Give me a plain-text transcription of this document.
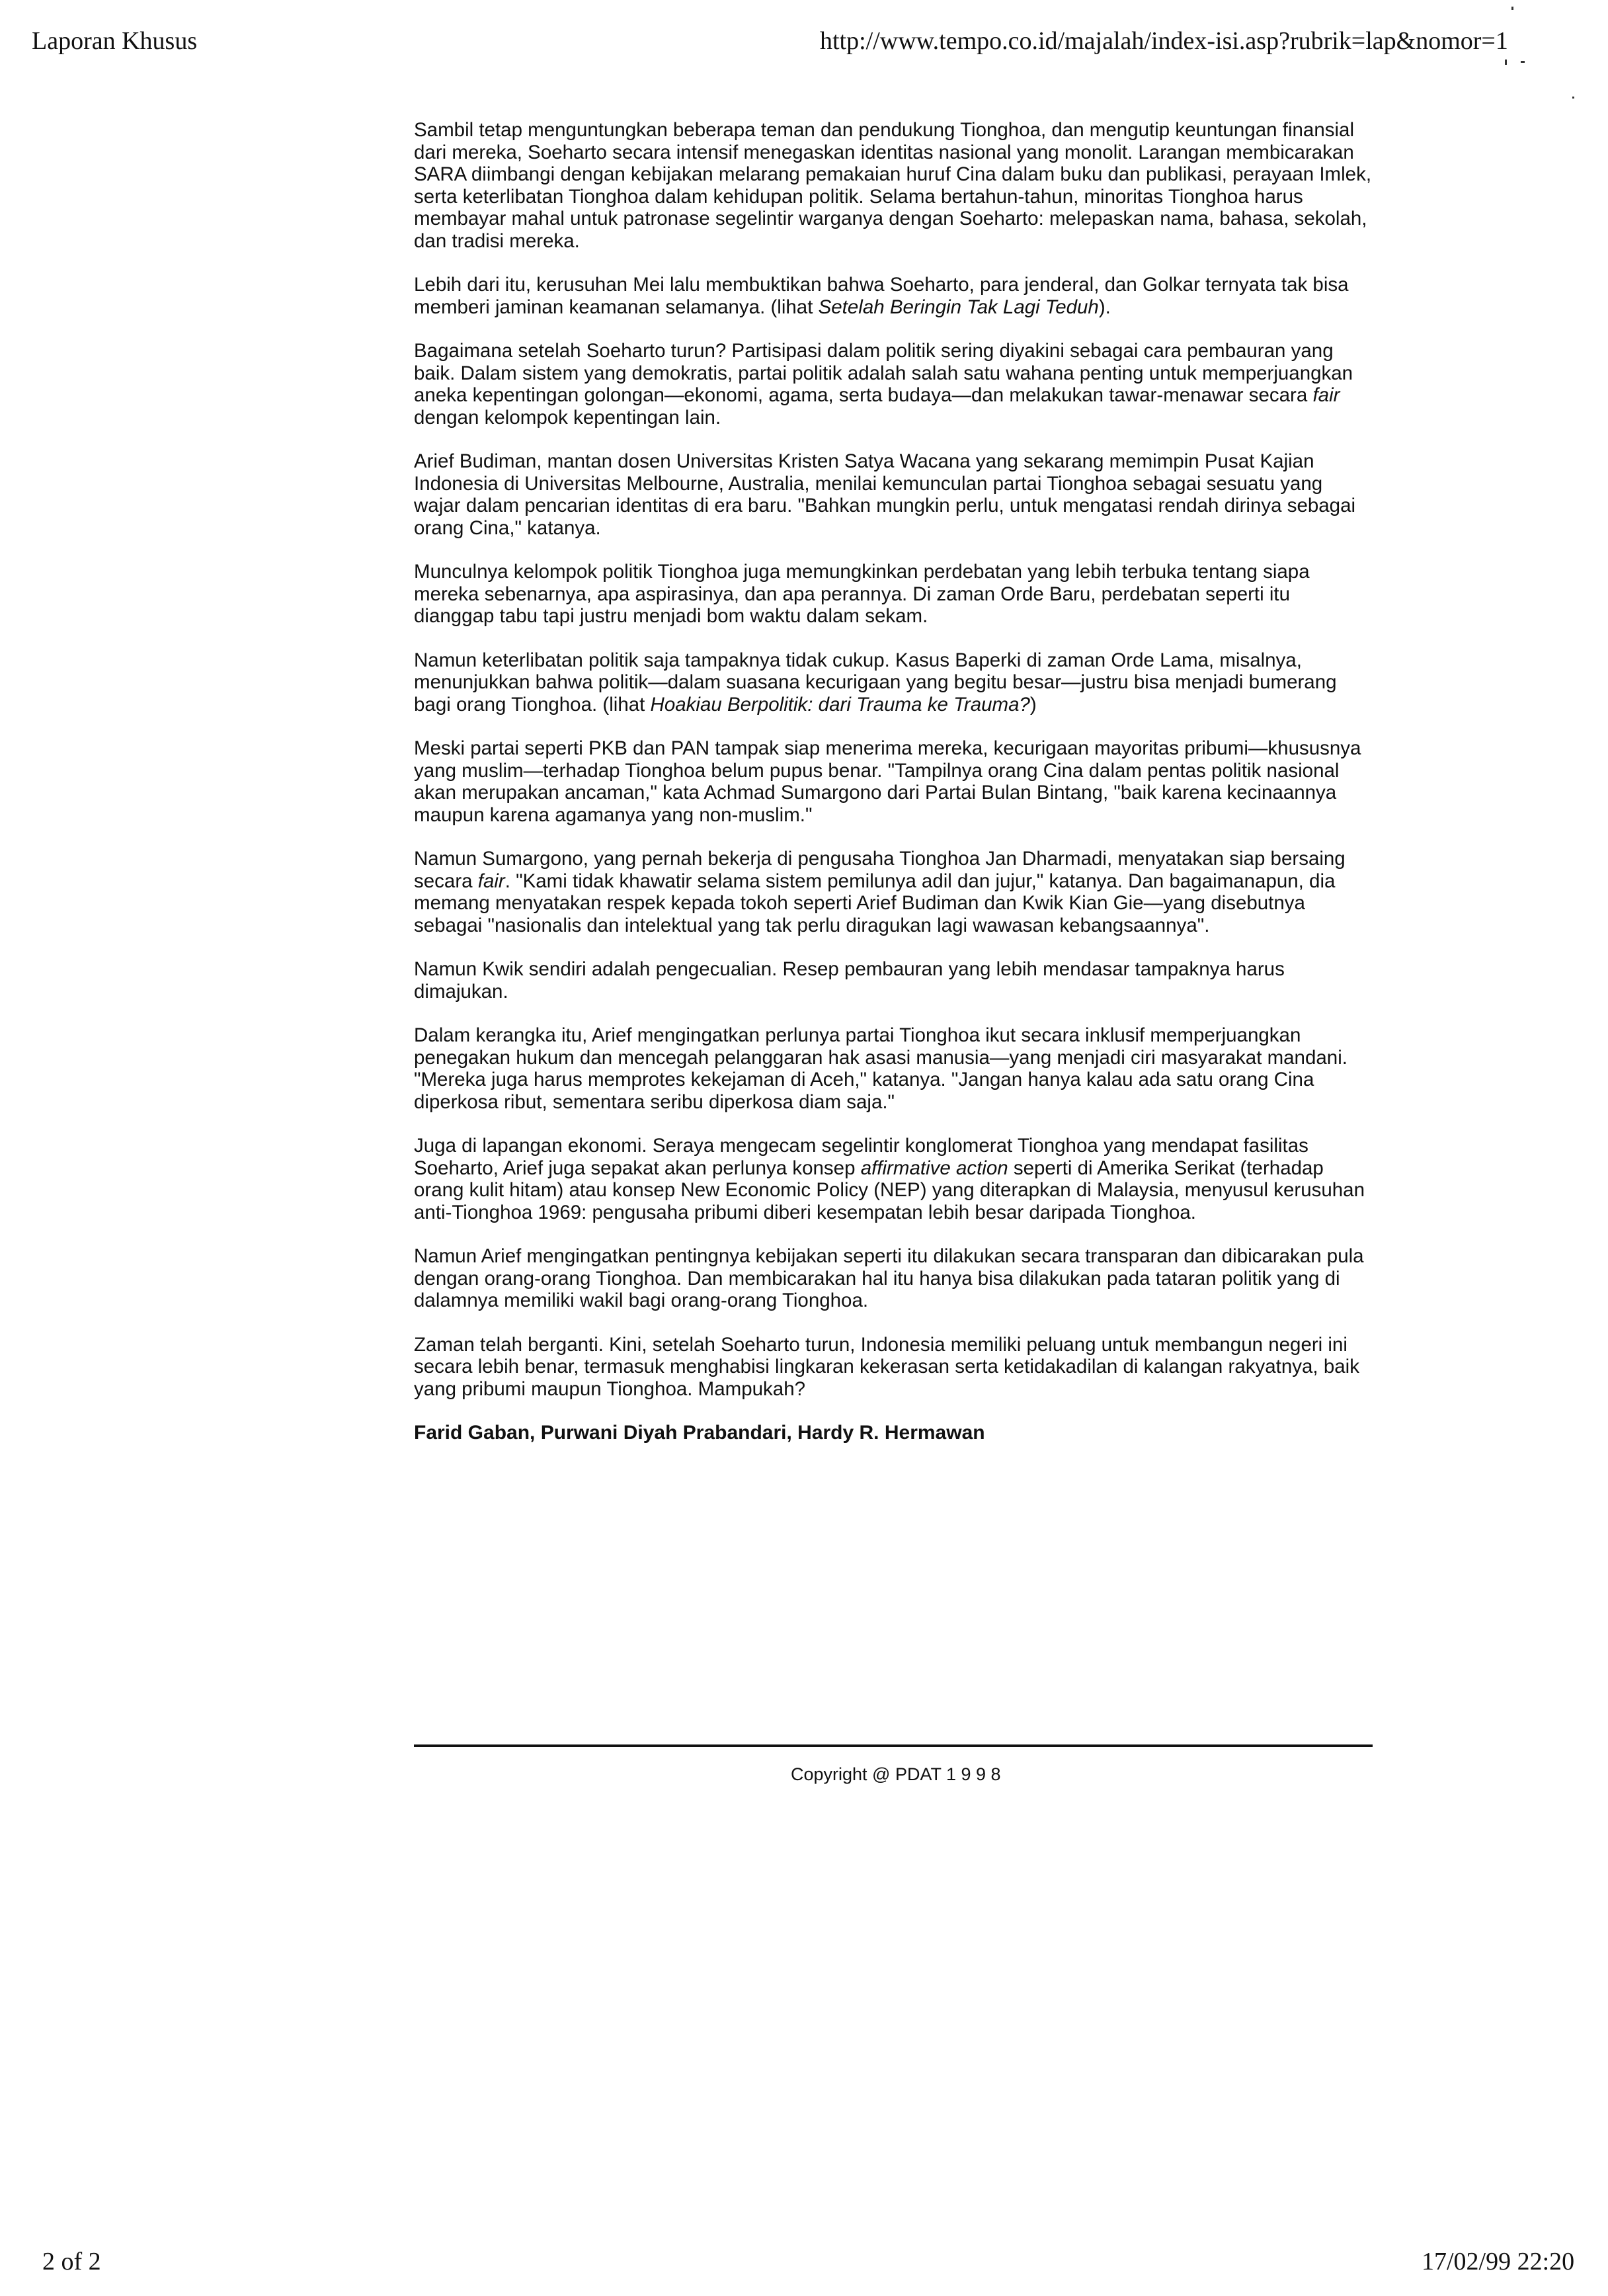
Laporan Khusus	http://www.tempo.co.id/majalah/index-isi.asp?rubrik=lap&nomor=1

Sambil tetap menguntungkan beberapa teman dan pendukung Tionghoa, dan mengutip keuntungan finansial dari mereka, Soeharto secara intensif menegaskan identitas nasional yang monolit. Larangan membicarakan SARA diimbangi dengan kebijakan melarang pemakaian huruf Cina dalam buku dan publikasi, perayaan Imlek, serta keterlibatan Tionghoa dalam kehidupan politik. Selama bertahun-tahun, minoritas Tionghoa harus membayar mahal untuk patronase segelintir warganya dengan Soeharto: melepaskan nama, bahasa, sekolah, dan tradisi mereka.

Lebih dari itu, kerusuhan Mei lalu membuktikan bahwa Soeharto, para jenderal, dan Golkar ternyata tak bisa memberi jaminan keamanan selamanya. (lihat Setelah Beringin Tak Lagi Teduh).

Bagaimana setelah Soeharto turun? Partisipasi dalam politik sering diyakini sebagai cara pembauran yang baik. Dalam sistem yang demokratis, partai politik adalah salah satu wahana penting untuk memperjuangkan aneka kepentingan golongan—ekonomi, agama, serta budaya—dan melakukan tawar-menawar secara fair dengan kelompok kepentingan lain.

Arief Budiman, mantan dosen Universitas Kristen Satya Wacana yang sekarang memimpin Pusat Kajian Indonesia di Universitas Melbourne, Australia, menilai kemunculan partai Tionghoa sebagai sesuatu yang wajar dalam pencarian identitas di era baru. "Bahkan mungkin perlu, untuk mengatasi rendah dirinya sebagai orang Cina," katanya.

Munculnya kelompok politik Tionghoa juga memungkinkan perdebatan yang lebih terbuka tentang siapa mereka sebenarnya, apa aspirasinya, dan apa perannya. Di zaman Orde Baru, perdebatan seperti itu dianggap tabu tapi justru menjadi bom waktu dalam sekam.

Namun keterlibatan politik saja tampaknya tidak cukup. Kasus Baperki di zaman Orde Lama, misalnya, menunjukkan bahwa politik—dalam suasana kecurigaan yang begitu besar—justru bisa menjadi bumerang bagi orang Tionghoa. (lihat Hoakiau Berpolitik: dari Trauma ke Trauma?)

Meski partai seperti PKB dan PAN tampak siap menerima mereka, kecurigaan mayoritas pribumi—khususnya yang muslim—terhadap Tionghoa belum pupus benar. "Tampilnya orang Cina dalam pentas politik nasional akan merupakan ancaman," kata Achmad Sumargono dari Partai Bulan Bintang, "baik karena kecinaannya maupun karena agamanya yang non-muslim."

Namun Sumargono, yang pernah bekerja di pengusaha Tionghoa Jan Dharmadi, menyatakan siap bersaing secara fair. "Kami tidak khawatir selama sistem pemilunya adil dan jujur," katanya. Dan bagaimanapun, dia memang menyatakan respek kepada tokoh seperti Arief Budiman dan Kwik Kian Gie—yang disebutnya sebagai "nasionalis dan intelektual yang tak perlu diragukan lagi wawasan kebangsaannya".

Namun Kwik sendiri adalah pengecualian. Resep pembauran yang lebih mendasar tampaknya harus dimajukan.

Dalam kerangka itu, Arief mengingatkan perlunya partai Tionghoa ikut secara inklusif memperjuangkan penegakan hukum dan mencegah pelanggaran hak asasi manusia—yang menjadi ciri masyarakat mandani. "Mereka juga harus memprotes kekejaman di Aceh," katanya. "Jangan hanya kalau ada satu orang Cina diperkosa ribut, sementara seribu diperkosa diam saja."

Juga di lapangan ekonomi. Seraya mengecam segelintir konglomerat Tionghoa yang mendapat fasilitas Soeharto, Arief juga sepakat akan perlunya konsep affirmative action seperti di Amerika Serikat (terhadap orang kulit hitam) atau konsep New Economic Policy (NEP) yang diterapkan di Malaysia, menyusul kerusuhan anti-Tionghoa 1969: pengusaha pribumi diberi kesempatan lebih besar daripada Tionghoa.

Namun Arief mengingatkan pentingnya kebijakan seperti itu dilakukan secara transparan dan dibicarakan pula dengan orang-orang Tionghoa. Dan membicarakan hal itu hanya bisa dilakukan pada tataran politik yang di dalamnya memiliki wakil bagi orang-orang Tionghoa.

Zaman telah berganti. Kini, setelah Soeharto turun, Indonesia memiliki peluang untuk membangun negeri ini secara lebih benar, termasuk menghabisi lingkaran kekerasan serta ketidakadilan di kalangan rakyatnya, baik yang pribumi maupun Tionghoa. Mampukah?

Farid Gaban, Purwani Diyah Prabandari, Hardy R. Hermawan

Copyright @ PDAT 1 9 9 8
2 of 2	17/02/99 22:20
